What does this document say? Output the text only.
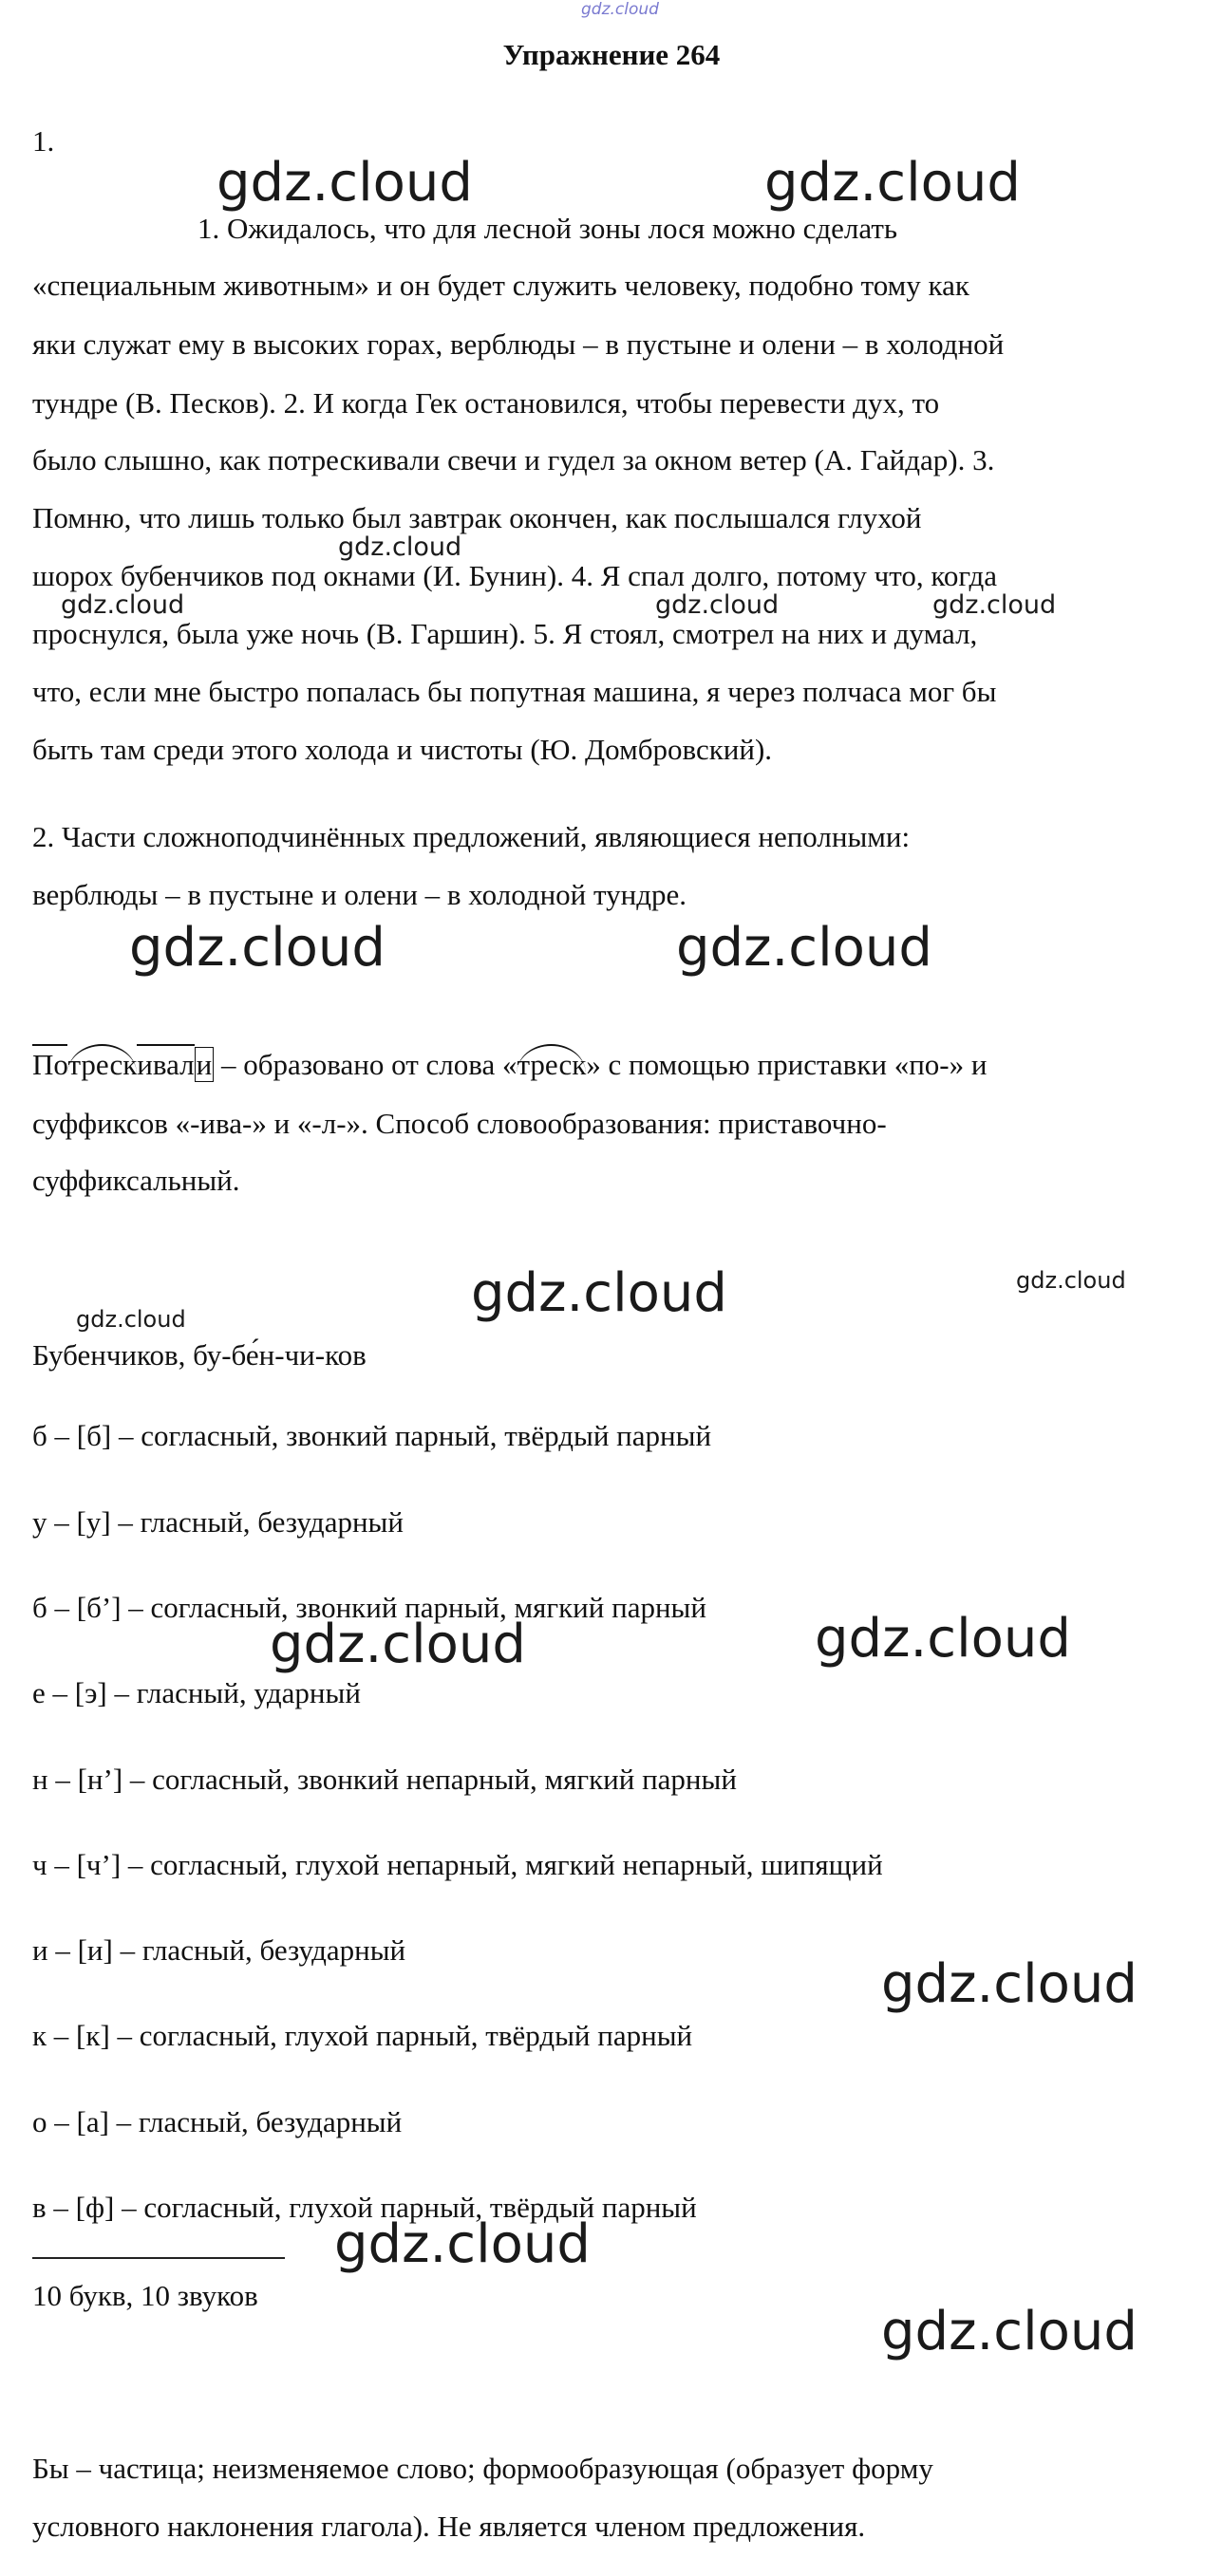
gdz.cloud
Упражнение 264
1.
1. Ожидалось, что для лесной зоны лося можно сделать
«специальным животным» и он будет служить человеку, подобно тому как
яки служат ему в высоких горах, верблюды – в пустыне и олени – в холодной
тундре (В. Песков). 2. И когда Гек остановился, чтобы перевести дух, то
было слышно, как потрескивали свечи и гудел за окном ветер (А. Гайдар). 3.
Помню, что лишь только был завтрак окончен, как послышался глухой
шорох бубенчиков под окнами (И. Бунин). 4. Я спал долго, потому что, когда
проснулся, была уже ночь (В. Гаршин). 5. Я стоял, смотрел на них и думал,
что, если мне быстро попалась бы попутная машина, я через полчаса мог бы
быть там среди этого холода и чистоты (Ю. Домбровский).
2. Части сложноподчинённых предложений, являющиеся неполными:
верблюды – в пустыне и олени – в холодной тундре.
Потрескивали – образовано от слова «треск» с помощью приставки «по-» и
суффиксов «-ива-» и «-л-». Способ словообразования: приставочно-
суффиксальный.
Бубенчиков, бу-бе́н-чи-ков
б – [б] – согласный, звонкий парный, твёрдый парный
у – [у] – гласный, безударный
б – [б’] – согласный, звонкий парный, мягкий парный
е – [э] – гласный, ударный
н – [н’] – согласный, звонкий непарный, мягкий парный
ч – [ч’] – согласный, глухой непарный, мягкий непарный, шипящий
и – [и] – гласный, безударный
к – [к] – согласный, глухой парный, твёрдый парный
о – [а] – гласный, безударный
в – [ф] – согласный, глухой парный, твёрдый парный
10 букв, 10 звуков
Бы – частица; неизменяемое слово; формообразующая (образует форму
условного наклонения глагола). Не является членом предложения.
gdz.cloud	gdz.cloud
gdz.cloud	gdz.cloud
gdz.cloud
gdz.cloud	gdz.cloud
gdz.cloud
gdz.cloud
gdz.cloud
gdz.cloud
gdz.cloud	gdz.cloud	gdz.cloud
gdz.cloud
gdz.cloud
